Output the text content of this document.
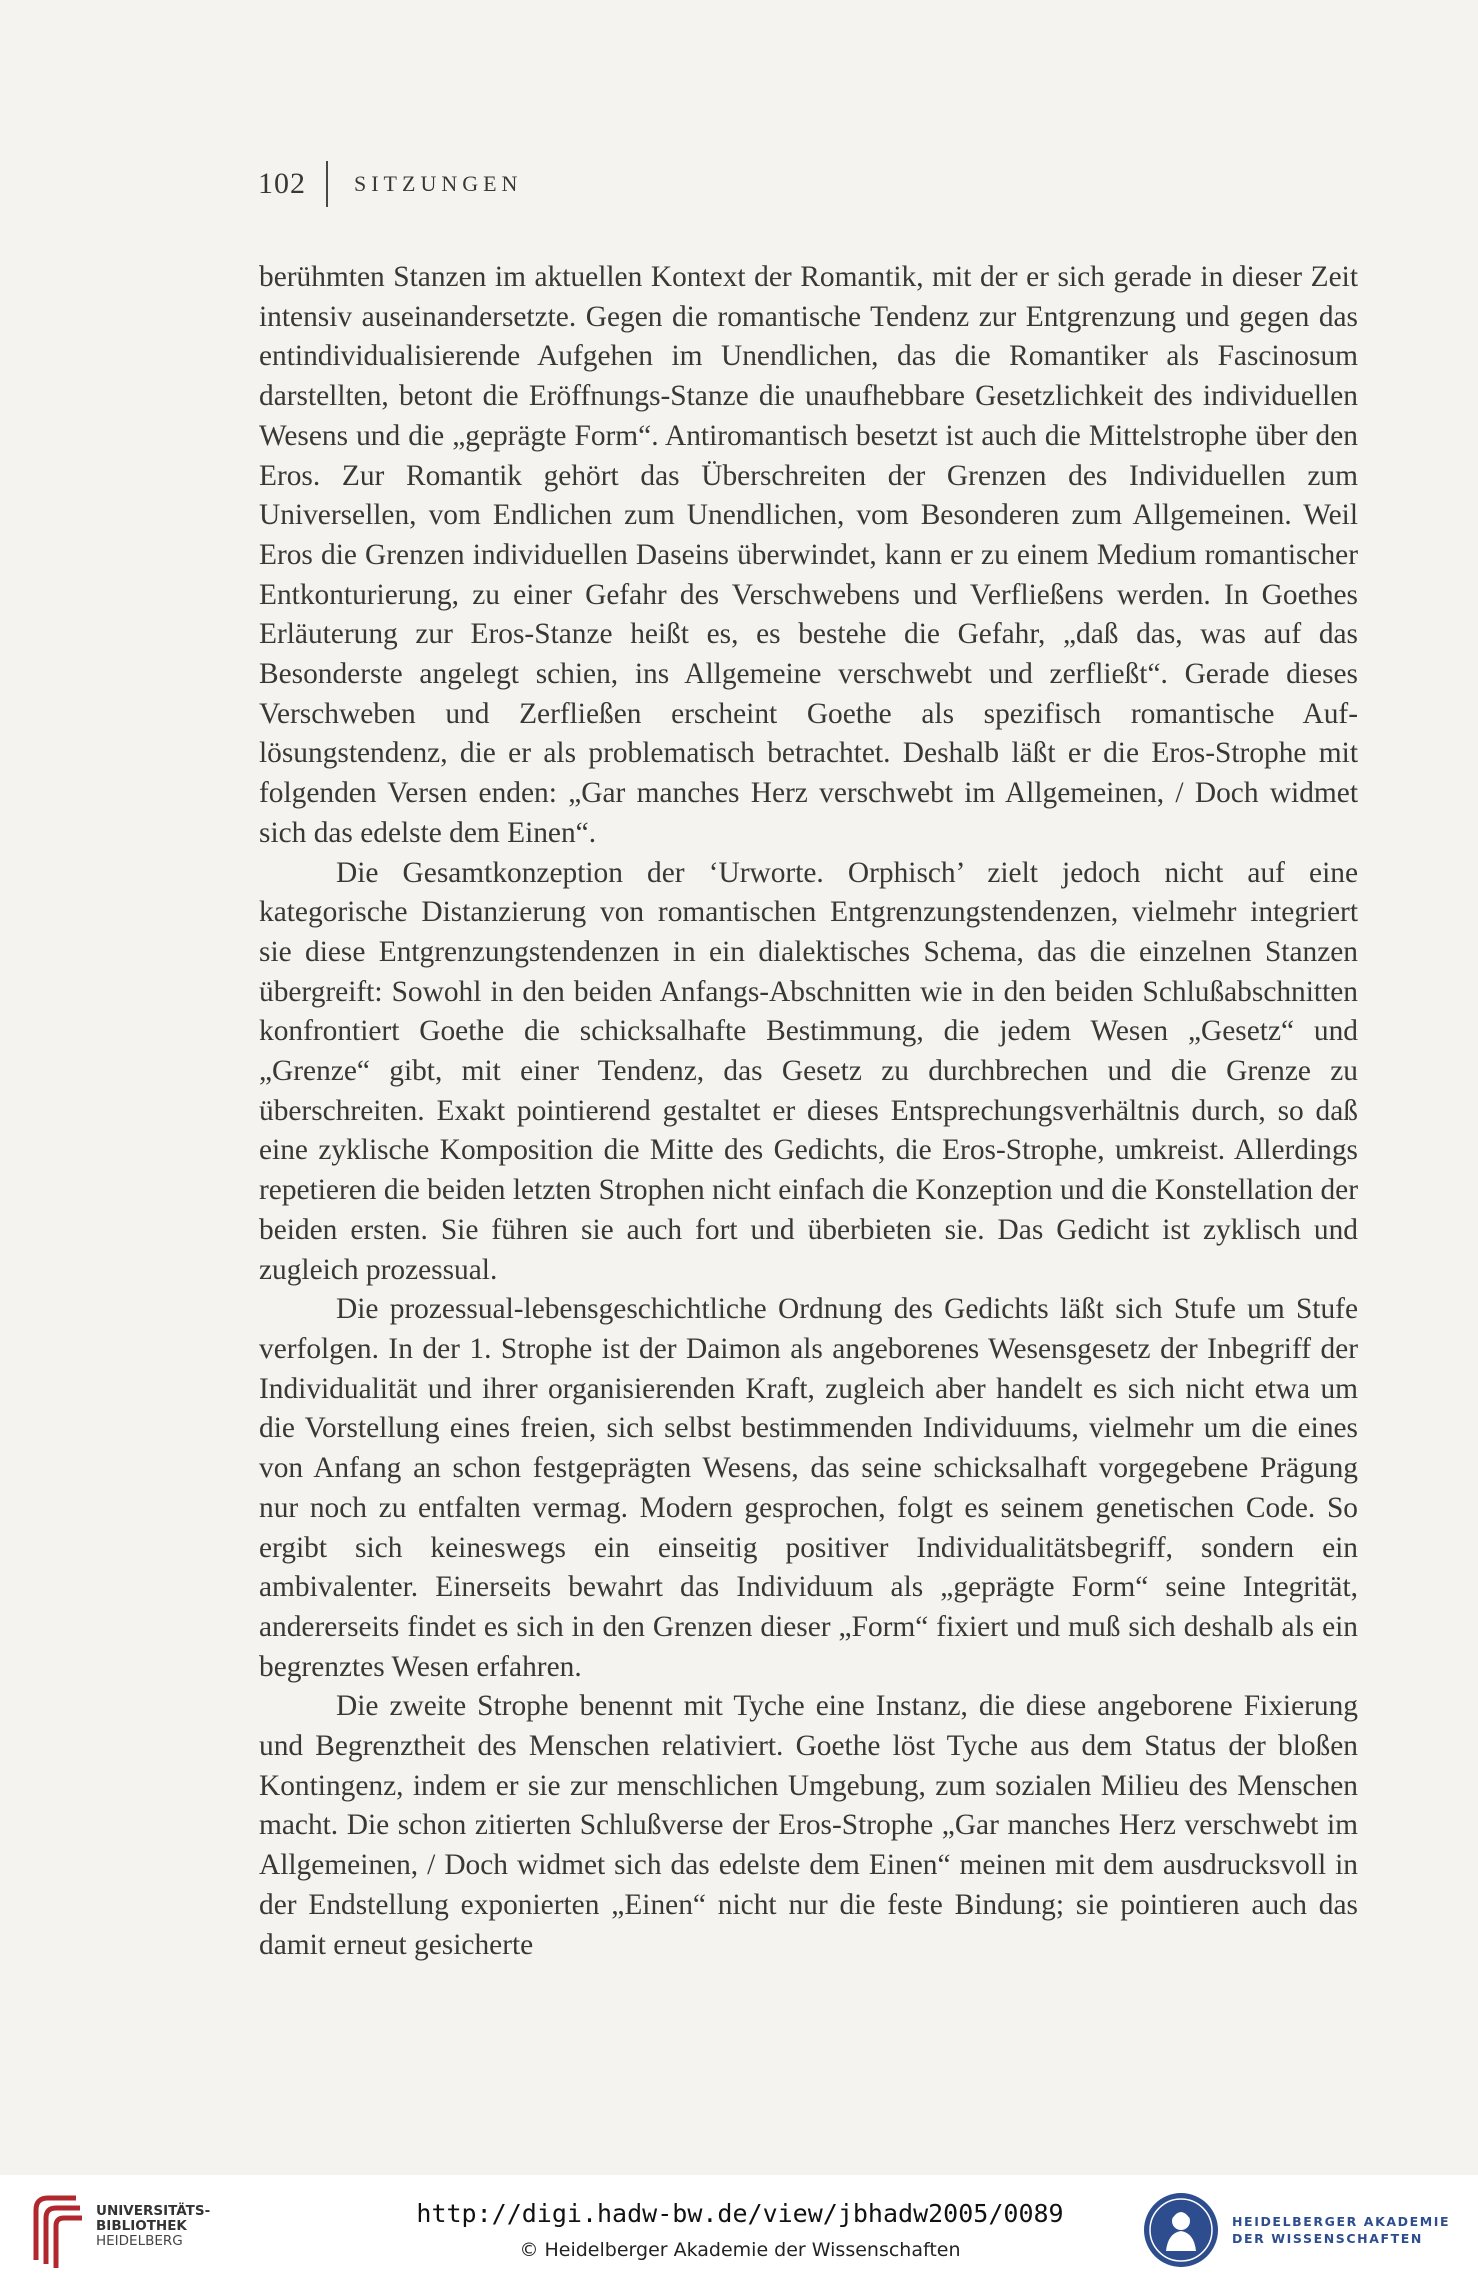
102 SITZUNGEN

berühmten Stanzen im aktuellen Kontext der Romantik, mit der er sich gerade in dieser Zeit intensiv auseinandersetzte. Gegen die romantische Tendenz zur Entgrenzung und gegen das entindividualisierende Aufgehen im Unendlichen, das die Romantiker als Fascinosum darstellten, betont die Eröffnungs-Stanze die unaufhebbare Gesetzlichkeit des individuellen Wesens und die „geprägte Form“. Antiromantisch besetzt ist auch die Mittelstrophe über den Eros. Zur Romantik gehört das Überschreiten der Grenzen des Individuellen zum Universellen, vom Endlichen zum Unendlichen, vom Besonderen zum Allgemeinen. Weil Eros die Grenzen individuellen Daseins überwindet, kann er zu einem Medium romantischer Entkonturierung, zu einer Gefahr des Verschwebens und Verfließens werden. In Goethes Erläuterung zur Eros-Stanze heißt es, es bestehe die Gefahr, „daß das, was auf das Besonderste angelegt schien, ins Allgemeine verschwebt und zerfließt“. Gerade dieses Verschweben und Zerfließen erscheint Goethe als spezifisch romantische Auflösungstendenz, die er als problematisch betrachtet. Deshalb läßt er die Eros-Strophe mit folgenden Versen enden: „Gar manches Herz verschwebt im Allgemeinen, / Doch widmet sich das edelste dem Einen“.

Die Gesamtkonzeption der ‘Urworte. Orphisch’ zielt jedoch nicht auf eine kategorische Distanzierung von romantischen Entgrenzungstendenzen, vielmehr integriert sie diese Entgrenzungstendenzen in ein dialektisches Schema, das die einzelnen Stanzen übergreift: Sowohl in den beiden Anfangs-Abschnitten wie in den beiden Schlußabschnitten konfrontiert Goethe die schicksalhafte Bestimmung, die jedem Wesen „Gesetz“ und „Grenze“ gibt, mit einer Tendenz, das Gesetz zu durchbrechen und die Grenze zu überschreiten. Exakt pointierend gestaltet er dieses Entsprechungsverhältnis durch, so daß eine zyklische Komposition die Mitte des Gedichts, die Eros-Strophe, umkreist. Allerdings repetieren die beiden letzten Strophen nicht einfach die Konzeption und die Konstellation der beiden ersten. Sie führen sie auch fort und überbieten sie. Das Gedicht ist zyklisch und zugleich prozessual.

Die prozessual-lebensgeschichtliche Ordnung des Gedichts läßt sich Stufe um Stufe verfolgen. In der 1. Strophe ist der Daimon als angeborenes Wesensgesetz der Inbegriff der Individualität und ihrer organisierenden Kraft, zugleich aber handelt es sich nicht etwa um die Vorstellung eines freien, sich selbst bestimmenden Individuums, vielmehr um die eines von Anfang an schon festgeprägten Wesens, das seine schicksalhaft vorgegebene Prägung nur noch zu entfalten vermag. Modern gesprochen, folgt es seinem genetischen Code. So ergibt sich keineswegs ein einseitig positiver Individualitätsbegriff, sondern ein ambivalenter. Einerseits bewahrt das Individuum als „geprägte Form“ seine Integrität, andererseits findet es sich in den Grenzen dieser „Form“ fixiert und muß sich deshalb als ein begrenztes Wesen erfahren.

Die zweite Strophe benennt mit Tyche eine Instanz, die diese angeborene Fixierung und Begrenztheit des Menschen relativiert. Goethe löst Tyche aus dem Status der bloßen Kontingenz, indem er sie zur menschlichen Umgebung, zum sozialen Milieu des Menschen macht. Die schon zitierten Schlußverse der Eros-Strophe „Gar manches Herz verschwebt im Allgemeinen, / Doch widmet sich das edelste dem Einen“ meinen mit dem ausdrucksvoll in der Endstellung exponierten „Einen“ nicht nur die feste Bindung; sie pointieren auch das damit erneut gesicherte

UNIVERSITÄTS-
BIBLIOTHEK
HEIDELBERG
http://digi.hadw-bw.de/view/jbhadw2005/0089
© Heidelberger Akademie der Wissenschaften
HEIDELBERGER AKADEMIE
DER WISSENSCHAFTEN
